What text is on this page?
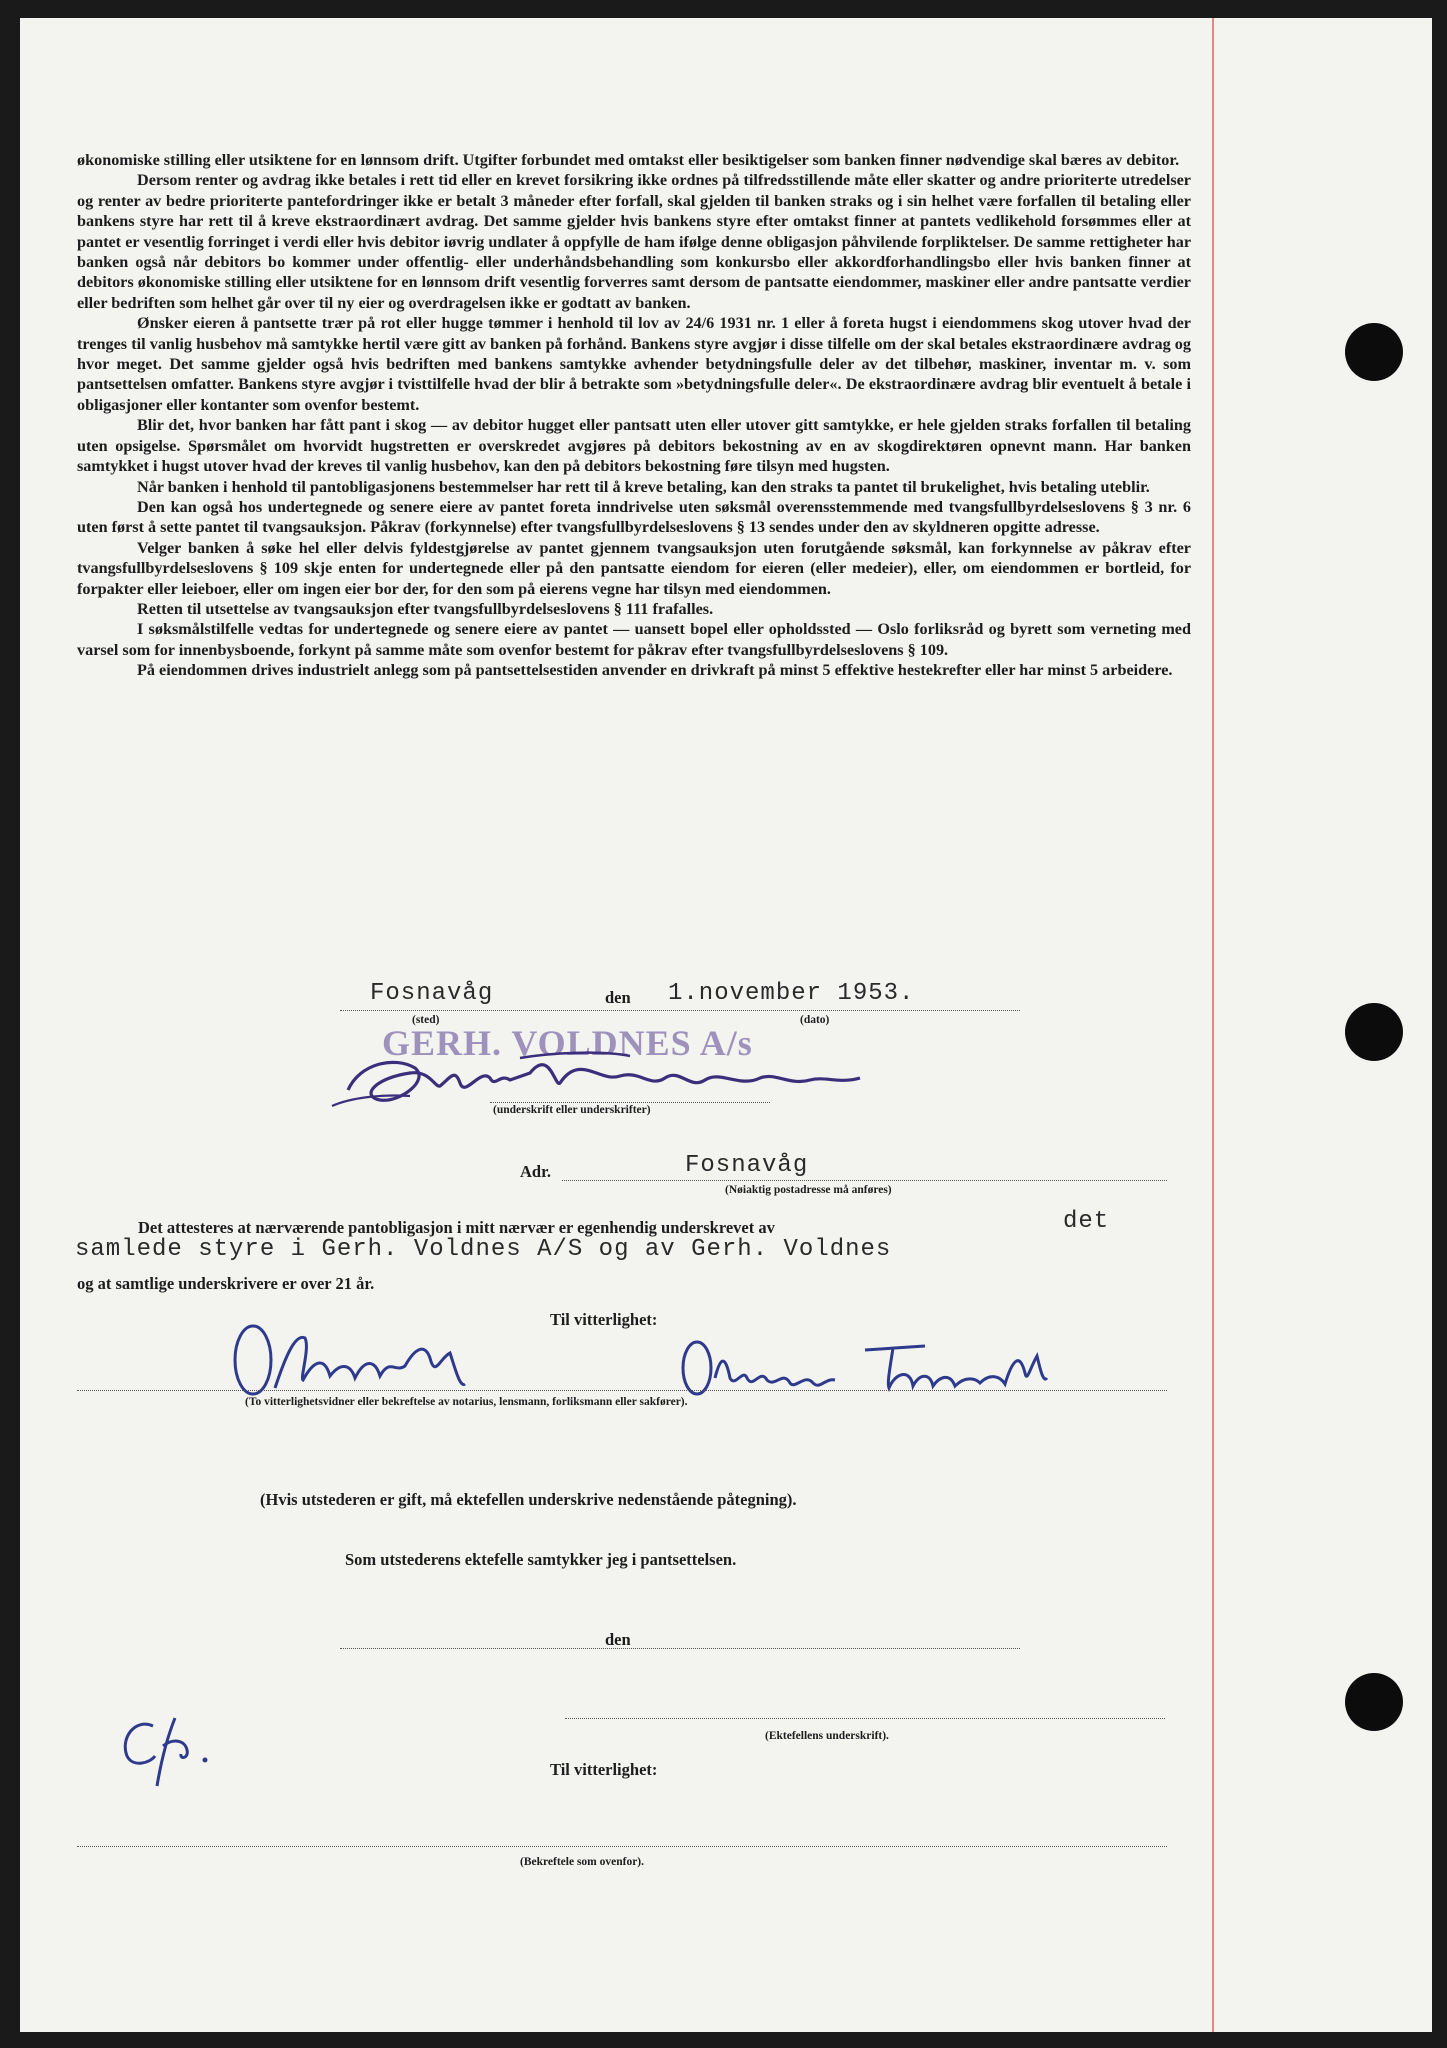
økonomiske stilling eller utsiktene for en lønnsom drift. Utgifter forbundet med omtakst eller besiktigelser som banken finner nødvendige skal bæres av debitor.

Dersom renter og avdrag ikke betales i rett tid eller en krevet forsikring ikke ordnes på tilfredsstillende måte eller skatter og andre prioriterte utredelser og renter av bedre prioriterte pantefordringer ikke er betalt 3 måneder efter forfall, skal gjelden til banken straks og i sin helhet være forfallen til betaling eller bankens styre har rett til å kreve ekstraordinært avdrag. Det samme gjelder hvis bankens styre efter omtakst finner at pantets vedlikehold forsømmes eller at pantet er vesentlig forringet i verdi eller hvis debitor iøvrig undlater å oppfylle de ham ifølge denne obligasjon påhvilende forpliktelser. De samme rettigheter har banken også når debitors bo kommer under offentlig- eller underhåndsbehandling som konkursbo eller akkordforhandlingsbo eller hvis banken finner at debitors økonomiske stilling eller utsiktene for en lønnsom drift vesentlig forverres samt dersom de pantsatte eiendommer, maskiner eller andre pantsatte verdier eller bedriften som helhet går over til ny eier og overdragelsen ikke er godtatt av banken.

Ønsker eieren å pantsette trær på rot eller hugge tømmer i henhold til lov av 24/6 1931 nr. 1 eller å foreta hugst i eiendommens skog utover hvad der trenges til vanlig husbehov må samtykke hertil være gitt av banken på forhånd. Bankens styre avgjør i disse tilfelle om der skal betales ekstraordinære avdrag og hvor meget. Det samme gjelder også hvis bedriften med bankens samtykke avhender betydningsfulle deler av det tilbehør, maskiner, inventar m. v. som pantsettelsen omfatter. Bankens styre avgjør i tvisttilfelle hvad der blir å betrakte som »betydningsfulle deler«. De ekstraordinære avdrag blir eventuelt å betale i obligasjoner eller kontanter som ovenfor bestemt.

Blir det, hvor banken har fått pant i skog — av debitor hugget eller pantsatt uten eller utover gitt samtykke, er hele gjelden straks forfallen til betaling uten opsigelse. Spørsmålet om hvorvidt hugstretten er overskredet avgjøres på debitors bekostning av en av skogdirektøren opnevnt mann. Har banken samtykket i hugst utover hvad der kreves til vanlig husbehov, kan den på debitors bekostning føre tilsyn med hugsten.

Når banken i henhold til pantobligasjonens bestemmelser har rett til å kreve betaling, kan den straks ta pantet til brukelighet, hvis betaling uteblir.

Den kan også hos undertegnede og senere eiere av pantet foreta inndrivelse uten søksmål overensstemmende med tvangsfullbyrdelseslovens § 3 nr. 6 uten først å sette pantet til tvangsauksjon. Påkrav (forkynnelse) efter tvangsfullbyrdelseslovens § 13 sendes under den av skyldneren opgitte adresse.

Velger banken å søke hel eller delvis fyldestgjørelse av pantet gjennem tvangsauksjon uten forutgående søksmål, kan forkynnelse av påkrav efter tvangsfullbyrdelseslovens § 109 skje enten for undertegnede eller på den pantsatte eiendom for eieren (eller medeier), eller, om eiendommen er bortleid, for forpakter eller leieboer, eller om ingen eier bor der, for den som på eierens vegne har tilsyn med eiendommen.

Retten til utsettelse av tvangsauksjon efter tvangsfullbyrdelseslovens § 111 frafalles.

I søksmålstilfelle vedtas for undertegnede og senere eiere av pantet — uansett bopel eller opholdssted — Oslo forliksråd og byrett som verneting med varsel som for innenbysboende, forkynt på samme måte som ovenfor bestemt for påkrav efter tvangsfullbyrdelseslovens § 109.

På eiendommen drives industrielt anlegg som på pantsettelsestiden anvender en drivkraft på minst 5 effektive hestekrefter eller har minst 5 arbeidere.

Fosnavåg	den 1.november 1953.
(sted)	(dato)
GERH. VOLDNES A/s
(underskrift eller underskrifter)
Adr.	Fosnavåg
(Nøiaktig postadresse må anføres)
Det attesteres at nærværende pantobligasjon i mitt nærvær er egenhendig underskrevet av	det
samlede styre i Gerh. Voldnes A/S og av Gerh. Voldnes
og at samtlige underskrivere er over 21 år.
Til vitterlighet:
(To vitterlighetsvidner eller bekreftelse av notarius, lensmann, forliksmann eller sakfører).
(Hvis utstederen er gift, må ektefellen underskrive nedenstående påtegning).
Som utstederens ektefelle samtykker jeg i pantsettelsen.
den
(Ektefellens underskrift).
Til vitterlighet:
(Bekreftele som ovenfor).
